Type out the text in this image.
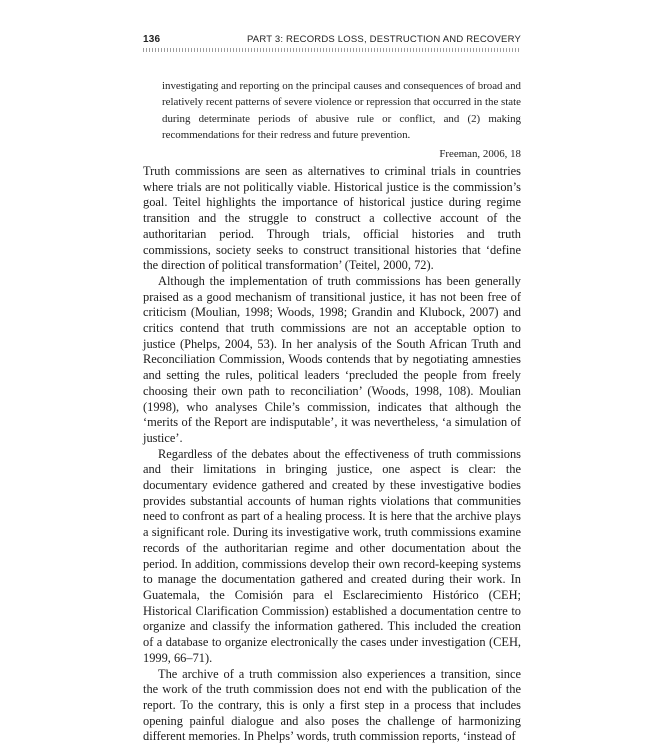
136	PART 3: RECORDS LOSS, DESTRUCTION AND RECOVERY

investigating and reporting on the principal causes and consequences of broad and relatively recent patterns of severe violence or repression that occurred in the state during determinate periods of abusive rule or conflict, and (2) making recommendations for their redress and future prevention.

Freeman, 2006, 18

Truth commissions are seen as alternatives to criminal trials in countries where trials are not politically viable. Historical justice is the commission’s goal. Teitel highlights the importance of historical justice during regime transition and the struggle to construct a collective account of the authoritarian period. Through trials, official histories and truth commissions, society seeks to construct transitional histories that ‘define the direction of political transformation’ (Teitel, 2000, 72).

Although the implementation of truth commissions has been generally praised as a good mechanism of transitional justice, it has not been free of criticism (Moulian, 1998; Woods, 1998; Grandin and Klubock, 2007) and critics contend that truth commissions are not an acceptable option to justice (Phelps, 2004, 53). In her analysis of the South African Truth and Reconciliation Commission, Woods contends that by negotiating amnesties and setting the rules, political leaders ‘precluded the people from freely choosing their own path to reconciliation’ (Woods, 1998, 108). Moulian (1998), who analyses Chile’s commission, indicates that although the ‘merits of the Report are indisputable’, it was nevertheless, ‘a simulation of justice’.

Regardless of the debates about the effectiveness of truth commissions and their limitations in bringing justice, one aspect is clear: the documentary evidence gathered and created by these investigative bodies provides substantial accounts of human rights violations that communities need to confront as part of a healing process. It is here that the archive plays a significant role. During its investigative work, truth commissions examine records of the authoritarian regime and other documentation about the period. In addition, commissions develop their own record-keeping systems to manage the documentation gathered and created during their work. In Guatemala, the Comisión para el Esclarecimiento Histórico (CEH; Historical Clarification Commission) established a documentation centre to organize and classify the information gathered. This included the creation of a database to organize electronically the cases under investigation (CEH, 1999, 66–71).

The archive of a truth commission also experiences a transition, since the work of the truth commission does not end with the publication of the report. To the contrary, this is only a first step in a process that includes opening painful dialogue and also poses the challenge of harmonizing different memories. In Phelps’ words, truth commission reports, ‘instead of
